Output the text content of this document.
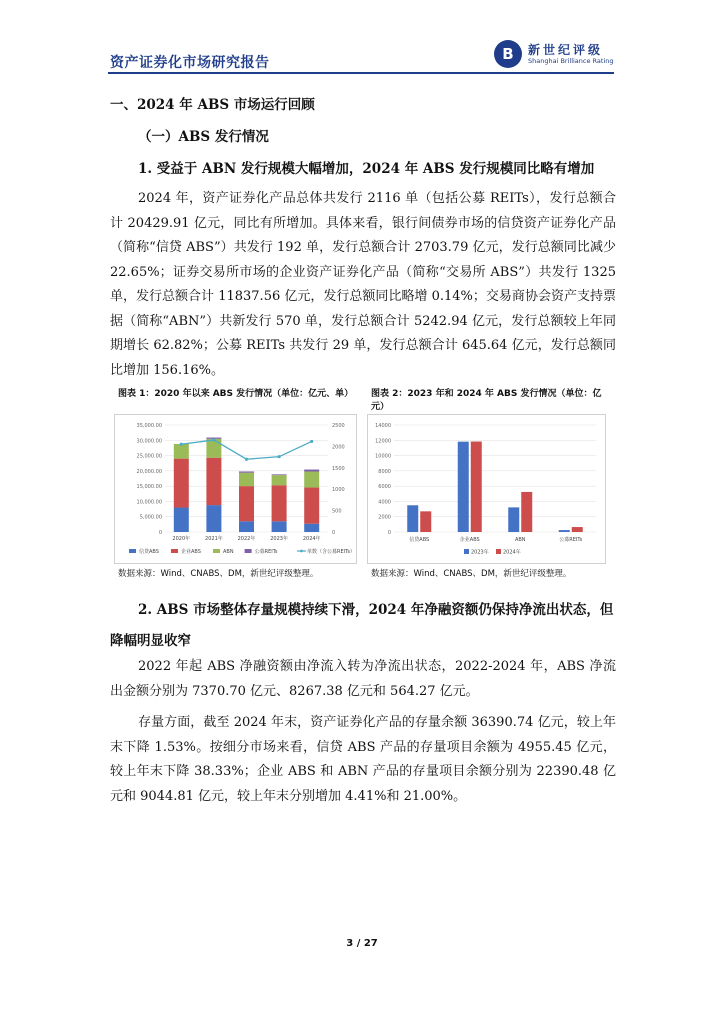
资产证券化市场研究报告	B	新世纪评级
Shanghai Brilliance Rating
一、2024 年 ABS 市场运行回顾
（一）ABS 发行情况
1. 受益于 ABN 发行规模大幅增加，2024 年 ABS 发行规模同比略有增加

2024 年，资产证券化产品总体共发行 2116 单（包括公募 REITs），发行总额合计 20429.91 亿元，同比有所增加。具体来看，银行间债券市场的信贷资产证券化产品（简称“信贷 ABS”）共发行 192 单，发行总额合计 2703.79 亿元，发行总额同比减少 22.65%；证券交易所市场的企业资产证券化产品（简称“交易所 ABS”）共发行 1325 单，发行总额合计 11837.56 亿元，发行总额同比略增 0.14%；交易商协会资产支持票据（简称“ABN”）共新发行 570 单，发行总额合计 5242.94 亿元，发行总额较上年同期增长 62.82%；公募 REITs 共发行 29 单，发行总额合计 645.64 亿元，发行总额同比增加 156.16%。

图表 1：2020 年以来 ABS 发行情况（单位：亿元、单） 图表 2：2023 年和 2024 年 ABS 发行情况（单位：亿元）
0
5,000.00
10,000.00
15,000.00
20,000.00
25,000.00
30,000.00
35,000.00
0
500
1000
1500
2000
2500
2020年	2021年	2022年	2023年	2024年
信贷ABS	企业ABS	ABN	公募REITs	单数（含公募REITs）
0
2000
4000
6000
8000
10000
12000
14000
信贷ABS	企业ABS	ABN	公募REITs
2023年	2024年
数据来源：Wind、CNABS、DM，新世纪评级整理。	数据来源：Wind、CNABS、DM，新世纪评级整理。
2. ABS 市场整体存量规模持续下滑，2024 年净融资额仍保持净流出状态，但降幅明显收窄

2022 年起 ABS 净融资额由净流入转为净流出状态，2022-2024 年，ABS 净流出金额分别为 7370.70 亿元、8267.38 亿元和 564.27 亿元。

存量方面，截至 2024 年末，资产证券化产品的存量余额 36390.74 亿元，较上年末下降 1.53%。按细分市场来看，信贷 ABS 产品的存量项目余额为 4955.45 亿元，较上年末下降 38.33%；企业 ABS 和 ABN 产品的存量项目余额分别为 22390.48 亿元和 9044.81 亿元，较上年末分别增加 4.41%和 21.00%。

3 / 27
